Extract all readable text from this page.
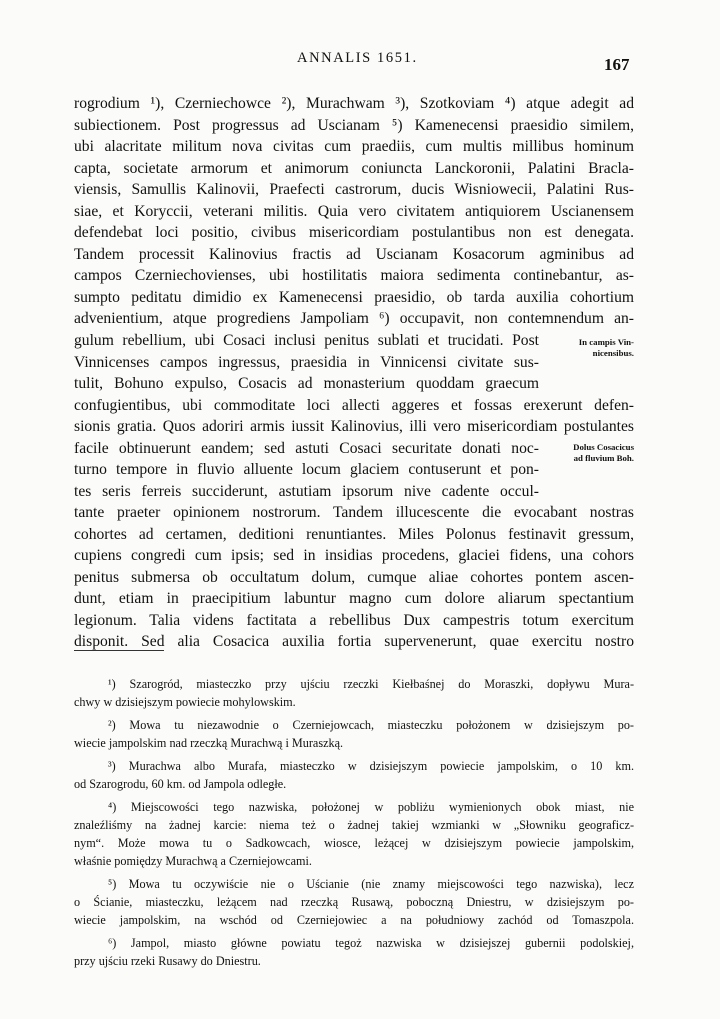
ANNALIS 1651.	167
rogrodium ¹), Czerniechowce ²), Murachwam ³), Szotkoviam ⁴) atque adegit ad
subiectionem. Post progressus ad Uscianam ⁵) Kamenecensi praesidio similem,
ubi alacritate militum nova civitas cum praediis, cum multis millibus hominum
capta, societate armorum et animorum coniuncta Lanckoronii, Palatini Bracla-
viensis, Samullis Kalinovii, Praefecti castrorum, ducis Wisniowecii, Palatini Rus-
siae, et Koryccii, veterani militis. Quia vero civitatem antiquiorem Uscianensem
defendebat loci positio, civibus misericordiam postulantibus non est denegata.
Tandem processit Kalinovius fractis ad Uscianam Kosacorum agminibus ad
campos Czerniechovienses, ubi hostilitatis maiora sedimenta continebantur, as-
sumpto peditatu dimidio ex Kamenecensi praesidio, ob tarda auxilia cohortium
advenientium, atque progrediens Jampoliam ⁶) occupavit, non contemnendum an-
gulum rebellium, ubi Cosaci inclusi penitus sublati et trucidati. Post
Vinnicenses campos ingressus, praesidia in Vinnicensi civitate sus-
tulit, Bohuno expulso, Cosacis ad monasterium quoddam graecum
confugientibus, ubi commoditate loci allecti aggeres et fossas erexerunt defen-
sionis gratia. Quos adoriri armis iussit Kalinovius, illi vero misericordiam postulantes
facile obtinuerunt eandem; sed astuti Cosaci securitate donati noc-
turno tempore in fluvio alluente locum glaciem contuserunt et pon-
tes seris ferreis succiderunt, astutiam ipsorum nive cadente occul-
tante praeter opinionem nostrorum. Tandem illucescente die evocabant nostras
cohortes ad certamen, deditioni renuntiantes. Miles Polonus festinavit gressum,
cupiens congredi cum ipsis; sed in insidias procedens, glaciei fidens, una cohors
penitus submersa ob occultatum dolum, cumque aliae cohortes pontem ascen-
dunt, etiam in praecipitium labuntur magno cum dolore aliarum spectantium
legionum. Talia videns factitata a rebellibus Dux campestris totum exercitum
disponit. Sed alia Cosacica auxilia fortia supervenerunt, quae exercitu nostro
In campis Vin-
nicensibus.
Dolus Cosacicus
ad fluvium Boh.
¹) Szarogród, miasteczko przy ujściu rzeczki Kiełbaśnej do Moraszki, dopływu Mura-
chwy w dzisiejszym powiecie mohylowskim.
²) Mowa tu niezawodnie o Czerniejowcach, miasteczku położonem w dzisiejszym po-
wiecie jampolskim nad rzeczką Murachwą i Muraszką.
³) Murachwa albo Murafa, miasteczko w dzisiejszym powiecie jampolskim, o 10 km.
od Szarogrodu, 60 km. od Jampola odległe.
⁴) Miejscowości tego nazwiska, położonej w pobliżu wymienionych obok miast, nie
znaleźliśmy na żadnej karcie: niema też o żadnej takiej wzmianki w „Słowniku geograficz-
nym“. Może mowa tu o Sadkowcach, wiosce, leżącej w dzisiejszym powiecie jampolskim,
właśnie pomiędzy Murachwą a Czerniejowcami.
⁵) Mowa tu oczywiście nie o Uścianie (nie znamy miejscowości tego nazwiska), lecz
o Ścianie, miasteczku, leżącem nad rzeczką Rusawą, poboczną Dniestru, w dzisiejszym po-
wiecie jampolskim, na wschód od Czerniejowiec a na południowy zachód od Tomaszpola.
⁶) Jampol, miasto główne powiatu tegoż nazwiska w dzisiejszej gubernii podolskiej,
przy ujściu rzeki Rusawy do Dniestru.
